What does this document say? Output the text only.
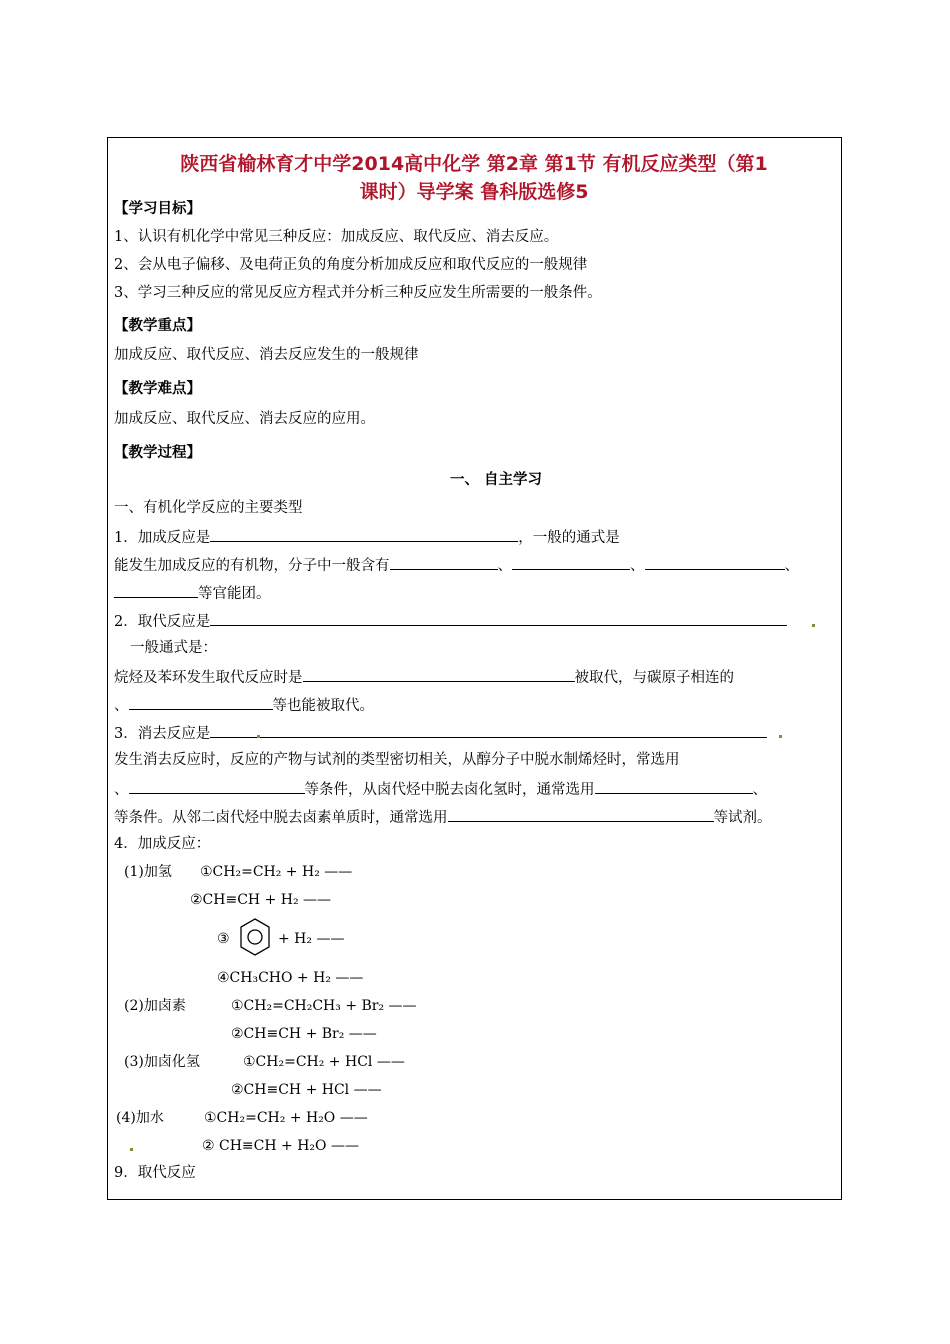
陕西省榆林育才中学2014高中化学 第2章 第1节 有机反应类型（第1
课时）导学案 鲁科版选修5
【学习目标】
1、认识有机化学中常见三种反应：加成反应、取代反应、消去反应。
2、会从电子偏移、及电荷正负的角度分析加成反应和取代反应的一般规律
3、学习三种反应的常见反应方程式并分析三种反应发生所需要的一般条件。
【教学重点】
加成反应、取代反应、消去反应发生的一般规律
【教学难点】
加成反应、取代反应、消去反应的应用。
【教学过程】
一、 自主学习
一、有机化学反应的主要类型
1．加成反应是	，一般的通式是
能发生加成反应的有机物，分子中一般含有	、	、	、
等官能团。
2．取代反应是
一般通式是：
烷烃及苯环发生取代反应时是	被取代，与碳原子相连的
、	等也能被取代。
3．消去反应是
发生消去反应时，反应的产物与试剂的类型密切相关，从醇分子中脱水制烯烃时，常选用
、	等条件，从卤代烃中脱去卤化氢时，通常选用	、
等条件。从邻二卤代烃中脱去卤素单质时，通常选用	等试剂。
4．加成反应：
(1)加氢 ①CH₂=CH₂ + H₂ ——
②CH≡CH + H₂ ——
③	+ H₂ ——
④CH₃CHO + H₂ ——
(2)加卤素	①CH₂=CH₂CH₃ + Br₂ ——
②CH≡CH + Br₂ ——
(3)加卤化氢	①CH₂=CH₂ + HCl ——
②CH≡CH + HCl ——
(4)加水	①CH₂=CH₂ + H₂O ——
② CH≡CH + H₂O ——
9．取代反应
